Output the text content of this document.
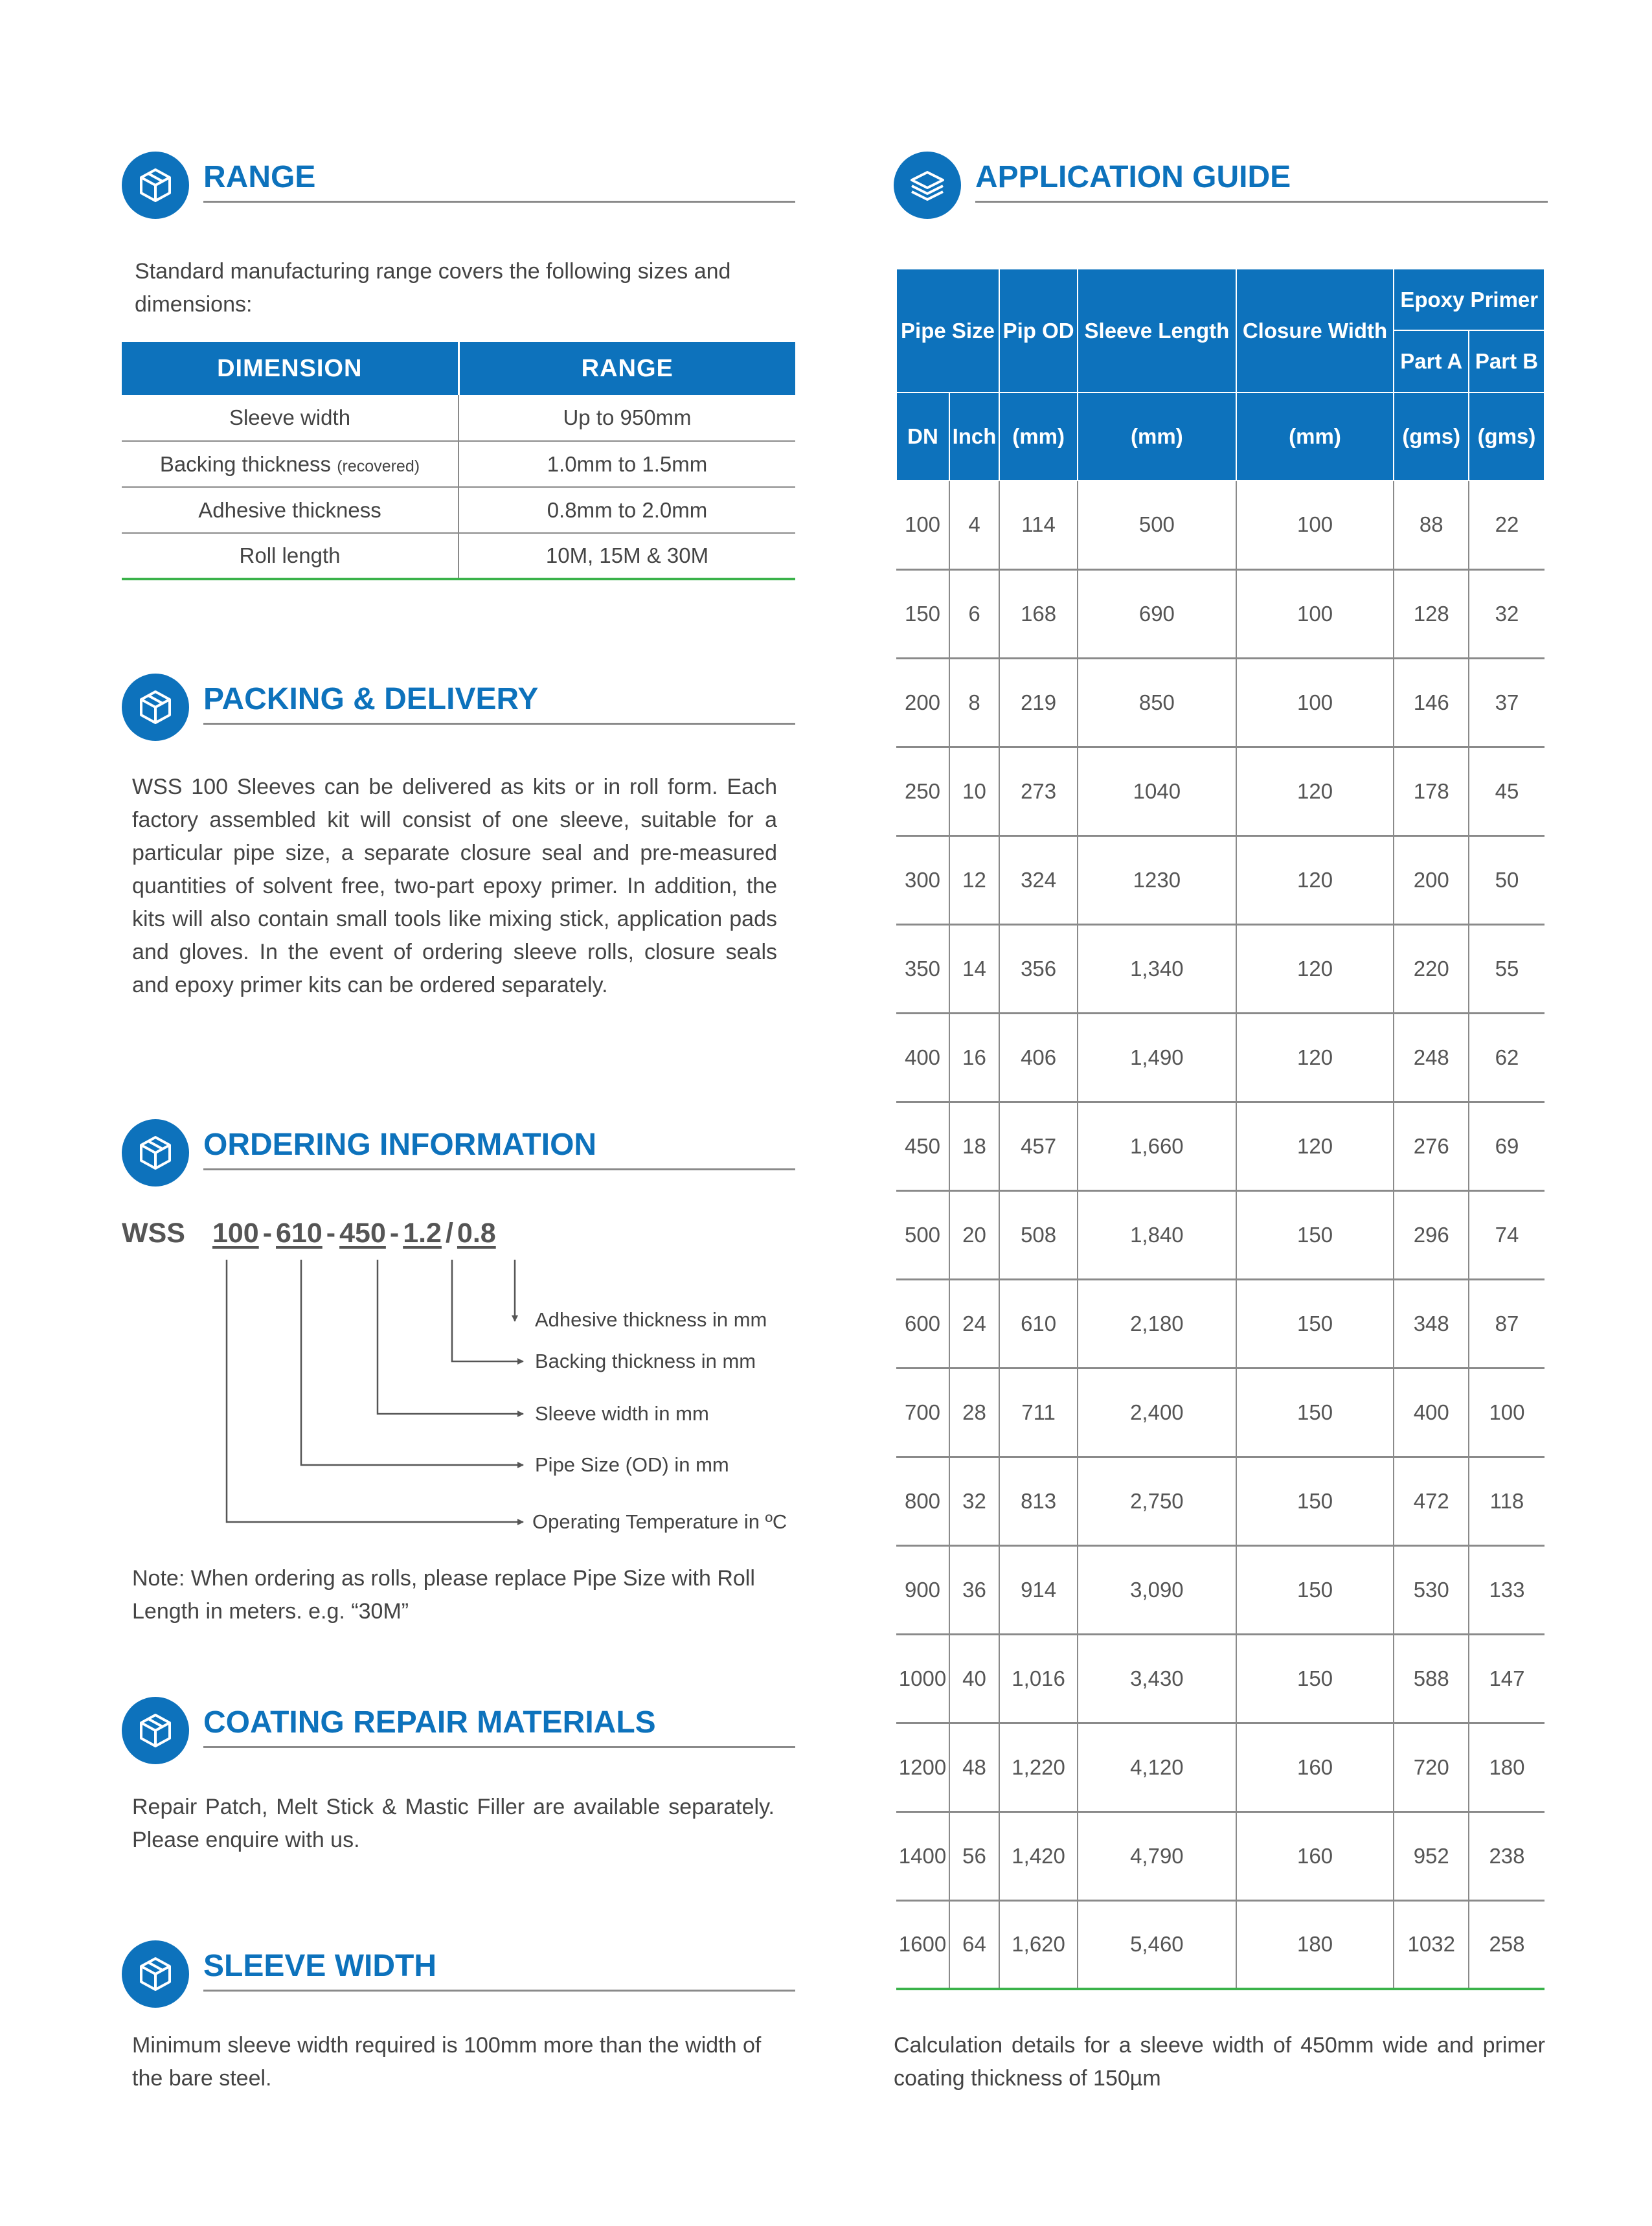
RANGE
Standard manufacturing range covers the following sizes and dimensions:
DIMENSION	RANGE
Sleeve width	Up to 950mm
Backing thickness (recovered)	1.0mm to 1.5mm
Adhesive thickness	0.8mm to 2.0mm
Roll length	10M, 15M & 30M
PACKING & DELIVERY
WSS 100 Sleeves can be delivered as kits or in roll form. Each factory assembled kit will consist of one sleeve, suitable for a particular pipe size, a separate closure seal and pre-measured quantities of solvent free, two-part epoxy primer. In addition, the kits will also contain small tools like mixing stick, application pads and gloves. In the event of ordering sleeve rolls, closure seals and epoxy primer kits can be ordered separately.
ORDERING INFORMATION
WSS 100 - 610 - 450 - 1.2 / 0.8
Adhesive thickness in mm
Backing thickness in mm
Sleeve width in mm
Pipe Size (OD) in mm
Operating Temperature in ºC
Note: When ordering as rolls, please replace Pipe Size with Roll Length in meters. e.g. “30M”
COATING REPAIR MATERIALS
Repair Patch, Melt Stick & Mastic Filler are available separately. Please enquire with us.
SLEEVE WIDTH
Minimum sleeve width required is 100mm more than the width of the bare steel.
APPLICATION GUIDE
Pipe Size		Pip OD	Sleeve Length	Closure Width	Epoxy Primer	
					Part A	Part B
DN	Inch	(mm)	(mm)	(mm)	(gms)	(gms)
100	4	114	500	100	88	22
150	6	168	690	100	128	32
200	8	219	850	100	146	37
250	10	273	1040	120	178	45
300	12	324	1230	120	200	50
350	14	356	1,340	120	220	55
400	16	406	1,490	120	248	62
450	18	457	1,660	120	276	69
500	20	508	1,840	150	296	74
600	24	610	2,180	150	348	87
700	28	711	2,400	150	400	100
800	32	813	2,750	150	472	118
900	36	914	3,090	150	530	133
1000	40	1,016	3,430	150	588	147
1200	48	1,220	4,120	160	720	180
1400	56	1,420	4,790	160	952	238
1600	64	1,620	5,460	180	1032	258
Calculation details for a sleeve width of 450mm wide and primer coating thickness of 150µm
